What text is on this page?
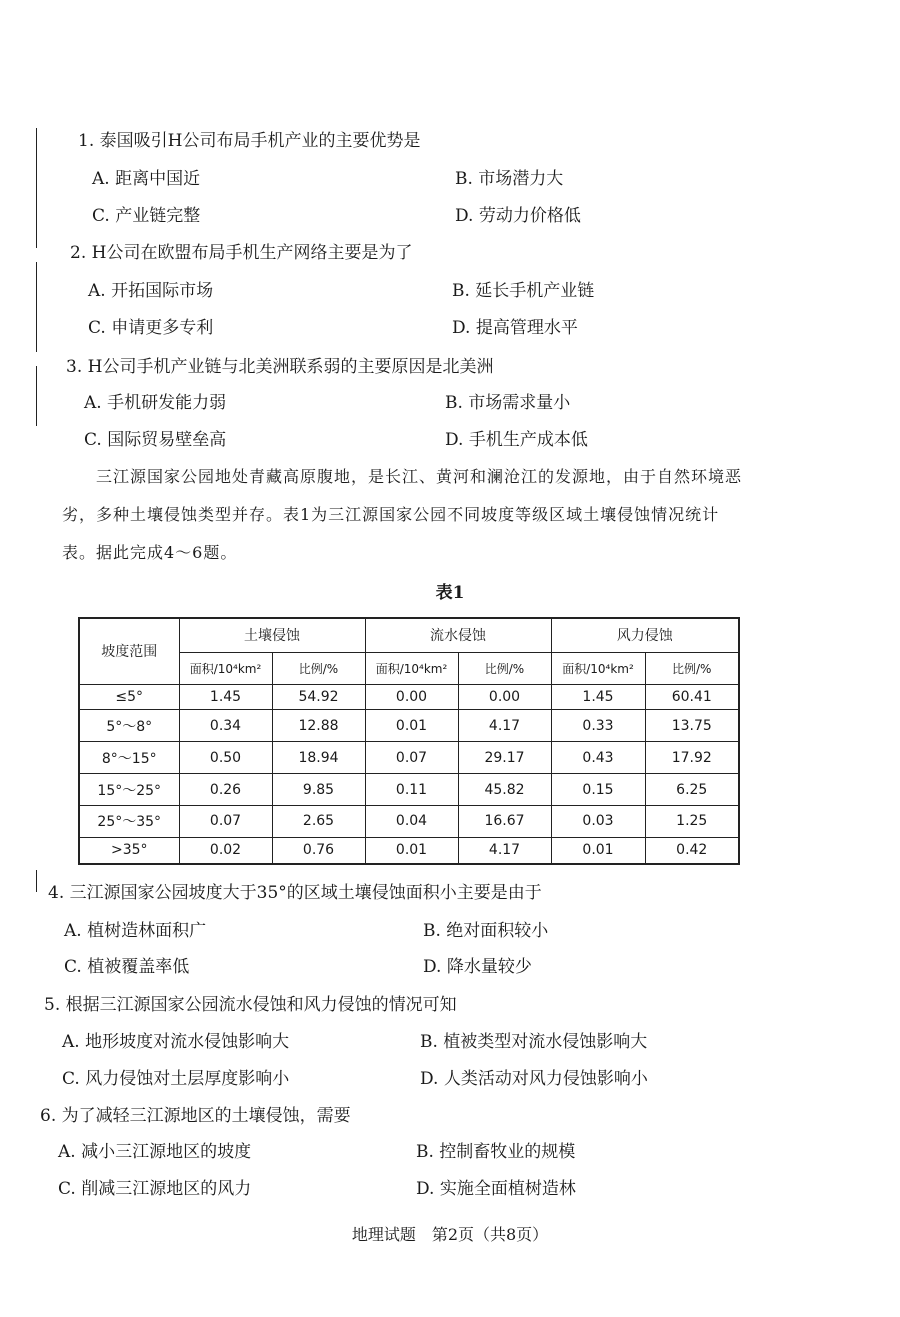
1. 泰国吸引H公司布局手机产业的主要优势是
A. 距离中国近	B. 市场潜力大
C. 产业链完整	D. 劳动力价格低
2. H公司在欧盟布局手机生产网络主要是为了
A. 开拓国际市场	B. 延长手机产业链
C. 申请更多专利	D. 提高管理水平
3. H公司手机产业链与北美洲联系弱的主要原因是北美洲
A. 手机研发能力弱	B. 市场需求量小
C. 国际贸易壁垒高	D. 手机生产成本低
三江源国家公园地处青藏高原腹地，是长江、黄河和澜沧江的发源地，由于自然环境恶
劣，多种土壤侵蚀类型并存。表1为三江源国家公园不同坡度等级区域土壤侵蚀情况统计
表。据此完成4～6题。
表1
坡度范围	土壤侵蚀		流水侵蚀		风力侵蚀	
	面积/10⁴km²	比例/%	面积/10⁴km²	比例/%	面积/10⁴km²	比例/%
≤5°	1.45	54.92	0.00	0.00	1.45	60.41
5°～8°	0.34	12.88	0.01	4.17	0.33	13.75
8°～15°	0.50	18.94	0.07	29.17	0.43	17.92
15°～25°	0.26	9.85	0.11	45.82	0.15	6.25
25°～35°	0.07	2.65	0.04	16.67	0.03	1.25
>35°	0.02	0.76	0.01	4.17	0.01	0.42
4. 三江源国家公园坡度大于35°的区域土壤侵蚀面积小主要是由于
A. 植树造林面积广	B. 绝对面积较小
C. 植被覆盖率低	D. 降水量较少
5. 根据三江源国家公园流水侵蚀和风力侵蚀的情况可知
A. 地形坡度对流水侵蚀影响大	B. 植被类型对流水侵蚀影响大
C. 风力侵蚀对土层厚度影响小	D. 人类活动对风力侵蚀影响小
6. 为了减轻三江源地区的土壤侵蚀，需要
A. 减小三江源地区的坡度	B. 控制畜牧业的规模
C. 削减三江源地区的风力	D. 实施全面植树造林
地理试题　第2页（共8页）
